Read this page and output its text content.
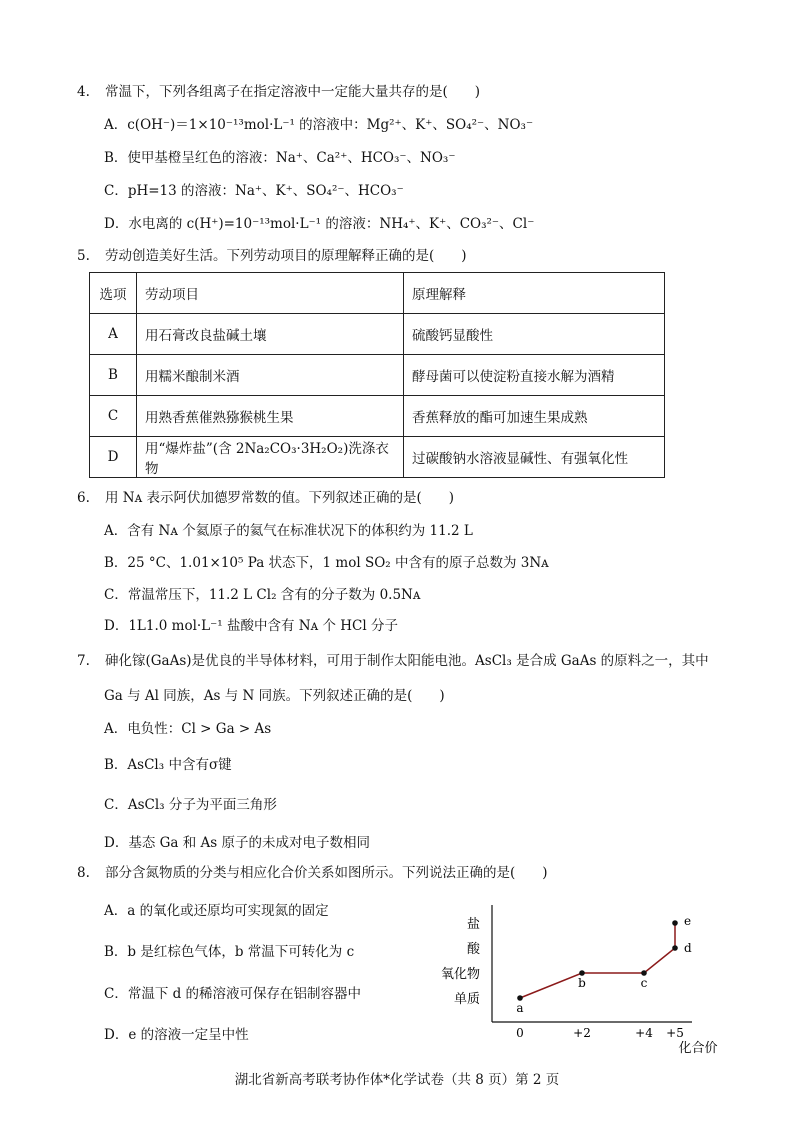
4. 常温下，下列各组离子在指定溶液中一定能大量共存的是(　　)
A．c(OH⁻)＝1×10⁻¹³mol·L⁻¹ 的溶液中：Mg²⁺、K⁺、SO₄²⁻、NO₃⁻
B．使甲基橙呈红色的溶液：Na⁺、Ca²⁺、HCO₃⁻、NO₃⁻
C．pH=13 的溶液：Na⁺、K⁺、SO₄²⁻、HCO₃⁻
D．水电离的 c(H⁺)=10⁻¹³mol·L⁻¹ 的溶液：NH₄⁺、K⁺、CO₃²⁻、Cl⁻
5. 劳动创造美好生活。下列劳动项目的原理解释正确的是(　　)
选项	劳动项目	原理解释
A	用石膏改良盐碱土壤	硫酸钙显酸性
B	用糯米酿制米酒	酵母菌可以使淀粉直接水解为酒精
C	用熟香蕉催熟猕猴桃生果	香蕉释放的酯可加速生果成熟
D	用“爆炸盐”(含 2Na₂CO₃·3H₂O₂)洗涤衣物	过碳酸钠水溶液显碱性、有强氧化性
6. 用 Nᴀ 表示阿伏加德罗常数的值。下列叙述正确的是(　　)
A．含有 Nᴀ 个氦原子的氦气在标准状况下的体积约为 11.2 L
B．25 °C、1.01×10⁵ Pa 状态下，1 mol SO₂ 中含有的原子总数为 3Nᴀ
C．常温常压下，11.2 L Cl₂ 含有的分子数为 0.5Nᴀ
D．1L1.0 mol·L⁻¹ 盐酸中含有 Nᴀ 个 HCl 分子
7. 砷化镓(GaAs)是优良的半导体材料，可用于制作太阳能电池。AsCl₃ 是合成 GaAs 的原料之一，其中
Ga 与 Al 同族，As 与 N 同族。下列叙述正确的是(　　)
A．电负性：Cl > Ga > As
B．AsCl₃ 中含有σ键
C．AsCl₃ 分子为平面三角形
D．基态 Ga 和 As 原子的未成对电子数相同
8. 部分含氮物质的分类与相应化合价关系如图所示。下列说法正确的是(　　)
A．a 的氧化或还原均可实现氮的固定
B．b 是红棕色气体，b 常温下可转化为 c
C．常温下 d 的稀溶液可保存在铝制容器中
D．e 的溶液一定呈中性
单质
氧化物
酸
盐
0	+2	+4 +5
化合价
a
b	c
d
e
湖北省新高考联考协作体*化学试卷（共 8 页）第 2 页
